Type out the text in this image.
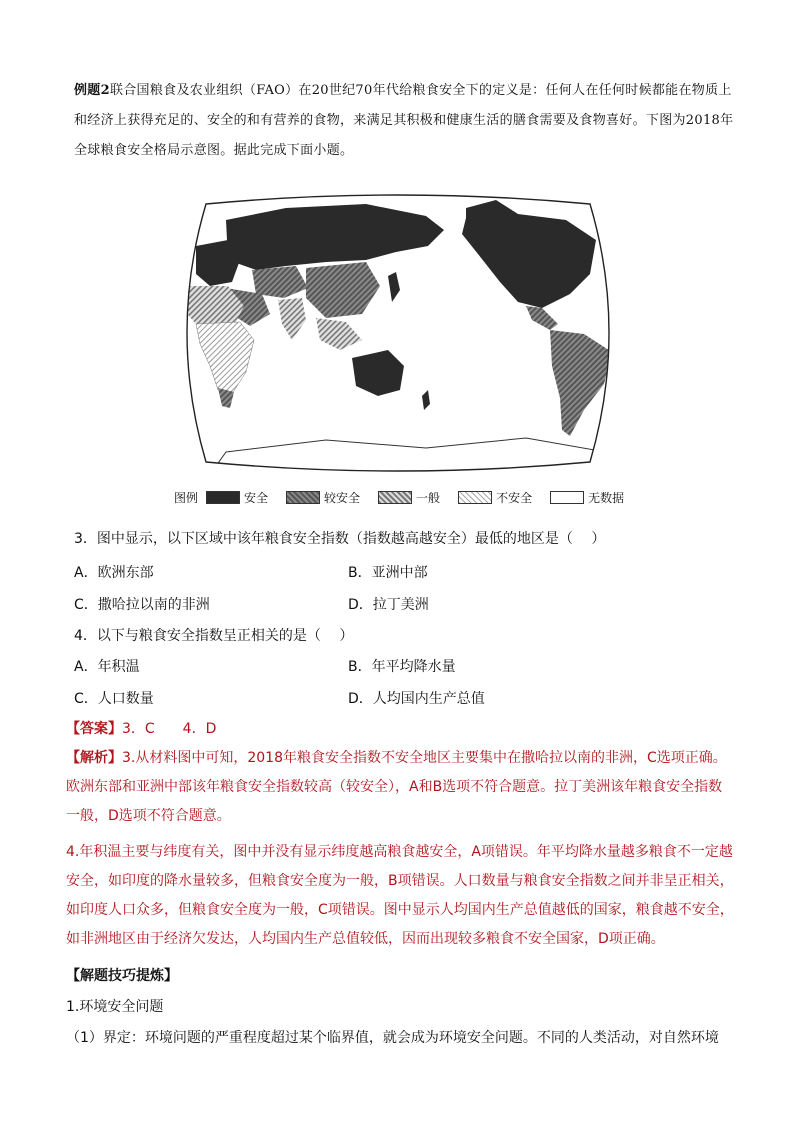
例题2联合国粮食及农业组织（FAO）在20世纪70年代给粮食安全下的定义是：任何人在任何时候都能在物质上和经济上获得充足的、安全的和有营养的食物，来满足其积极和健康生活的膳食需要及食物喜好。下图为2018年全球粮食安全格局示意图。据此完成下面小题。
图例	安全	较安全	一般	不安全	无数据
3．图中显示，以下区域中该年粮食安全指数（指数越高越安全）最低的地区是（　 ）
A．欧洲东部	B．亚洲中部
C．撒哈拉以南的非洲	D．拉丁美洲
4．以下与粮食安全指数呈正相关的是（　 ）
A．年积温	B．年平均降水量
C．人口数量	D．人均国内生产总值
【答案】3．C　　4．D
【解析】3.从材料图中可知，2018年粮食安全指数不安全地区主要集中在撒哈拉以南的非洲，C选项正确。欧洲东部和亚洲中部该年粮食安全指数较高（较安全），A和B选项不符合题意。拉丁美洲该年粮食安全指数一般，D选项不符合题意。
4.年积温主要与纬度有关，图中并没有显示纬度越高粮食越安全，A项错误。年平均降水量越多粮食不一定越安全，如印度的降水量较多，但粮食安全度为一般，B项错误。人口数量与粮食安全指数之间并非呈正相关，如印度人口众多，但粮食安全度为一般，C项错误。图中显示人均国内生产总值越低的国家，粮食越不安全，如非洲地区由于经济欠发达，人均国内生产总值较低，因而出现较多粮食不安全国家，D项正确。
【解题技巧提炼】
1.环境安全问题
（1）界定：环境问题的严重程度超过某个临界值，就会成为环境安全问题。不同的人类活动，对自然环境
